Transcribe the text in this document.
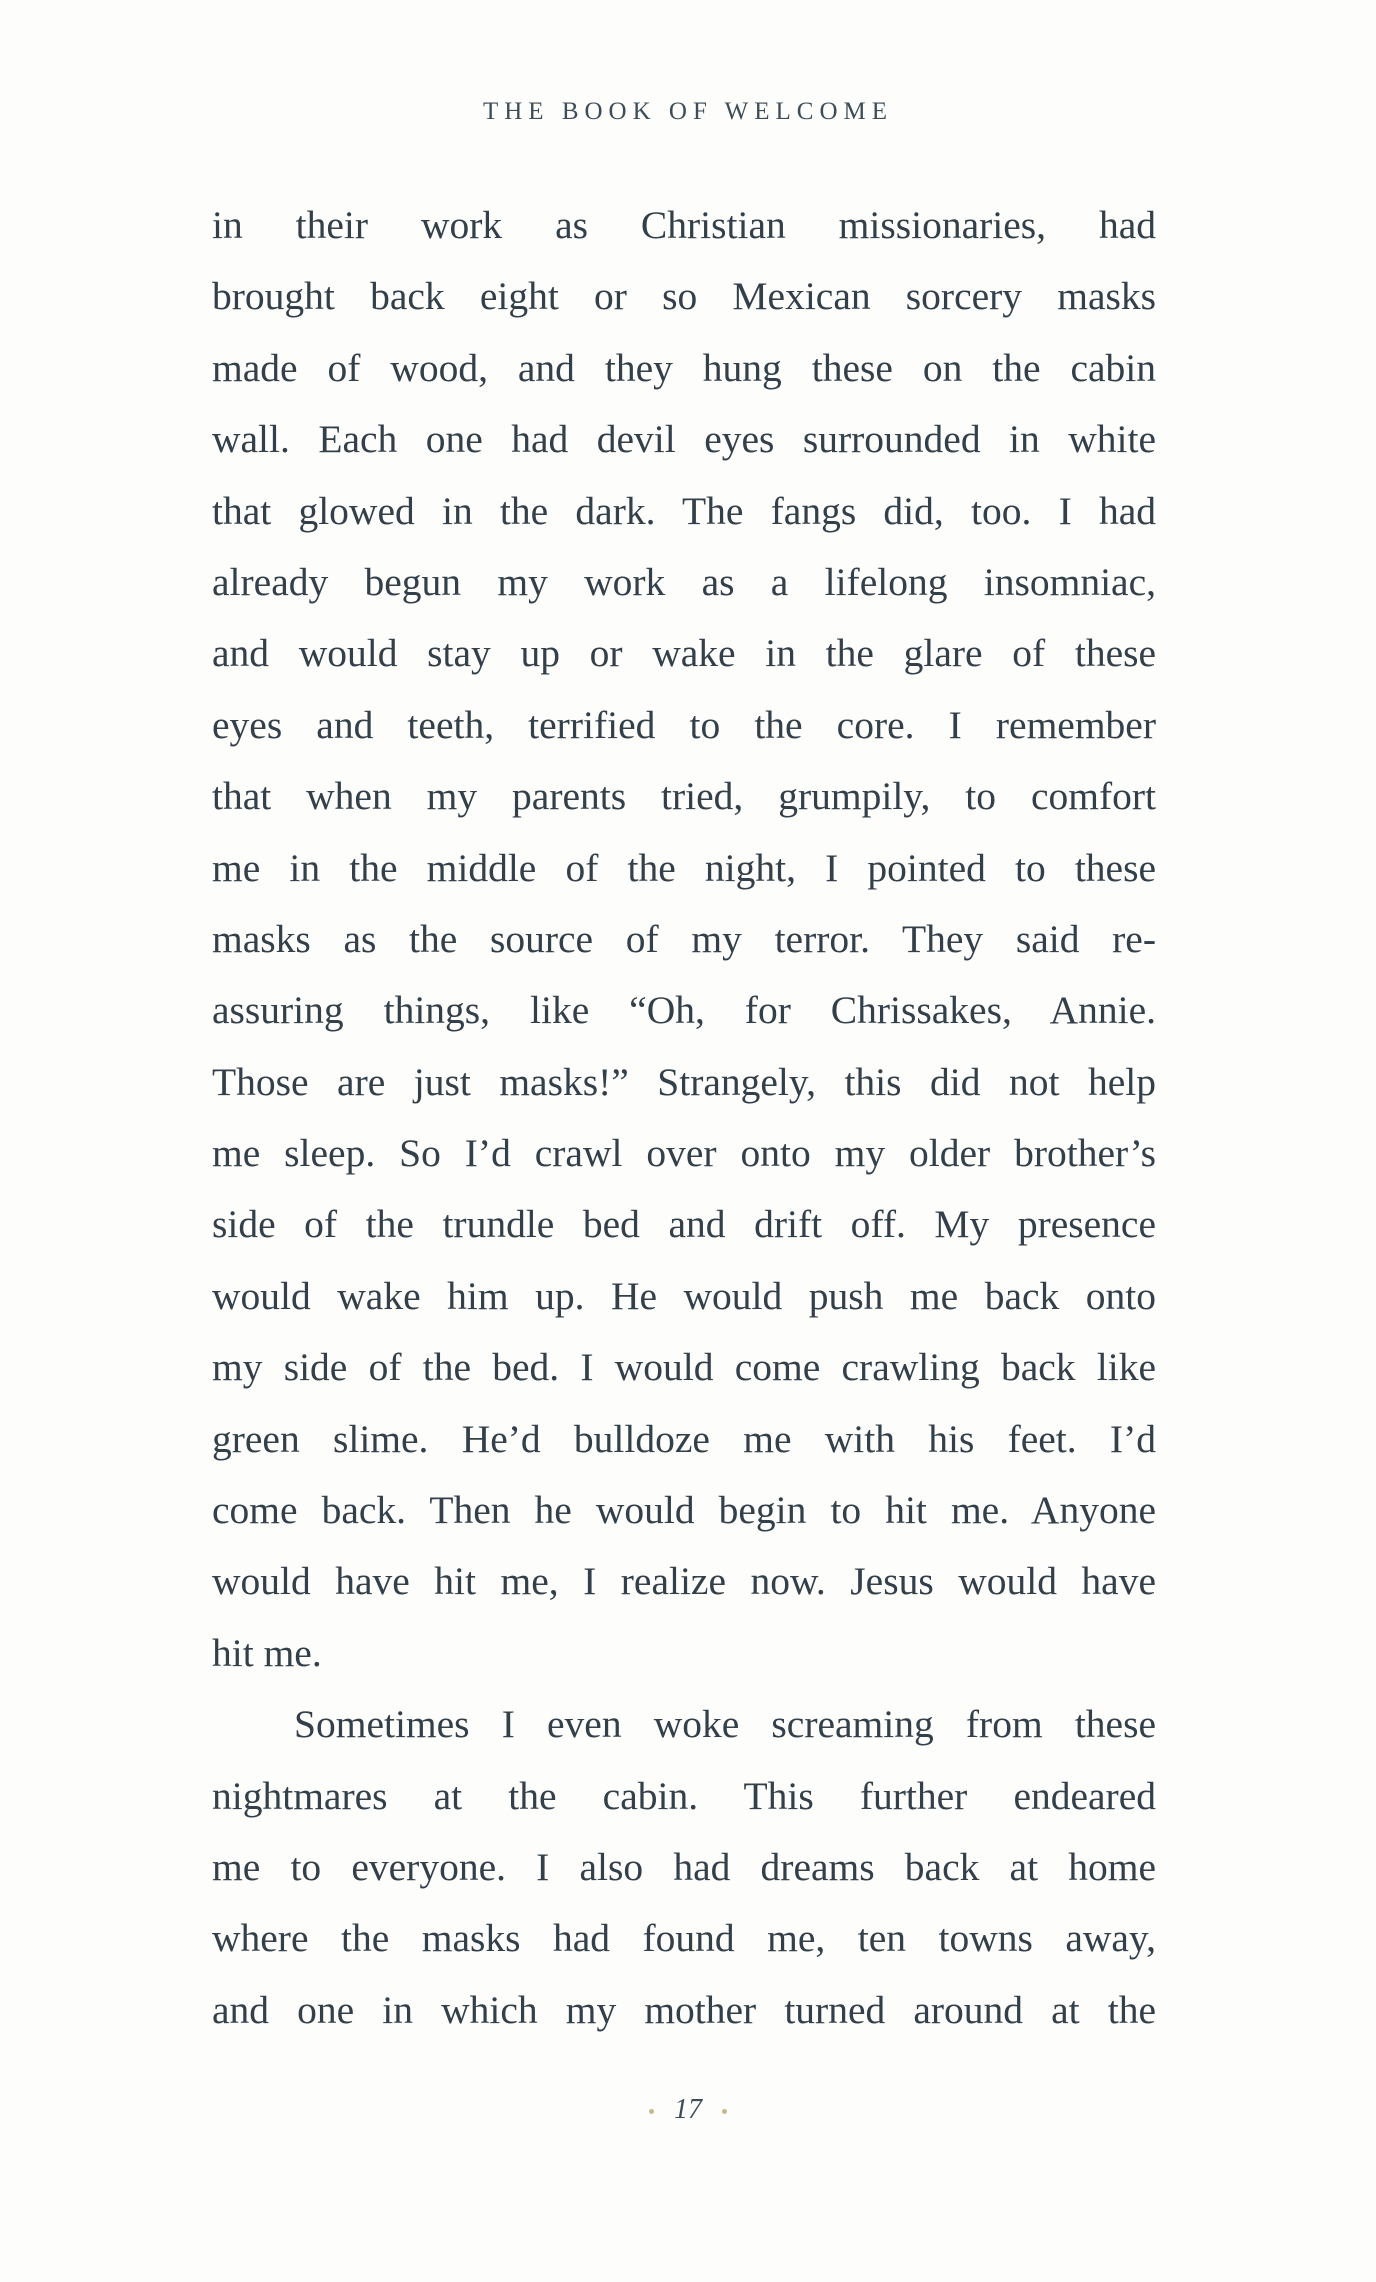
THE BOOK OF WELCOME
in their work as Christian missionaries, had
brought back eight or so Mexican sorcery masks
made of wood, and they hung these on the cabin
wall. Each one had devil eyes surrounded in white
that glowed in the dark. The fangs did, too. I had
already begun my work as a lifelong insomniac,
and would stay up or wake in the glare of these
eyes and teeth, terrified to the core. I remember
that when my parents tried, grumpily, to comfort
me in the middle of the night, I pointed to these
masks as the source of my terror. They said re-
assuring things, like “Oh, for Chrissakes, Annie.
Those are just masks!” Strangely, this did not help
me sleep. So I’d crawl over onto my older brother’s
side of the trundle bed and drift off. My presence
would wake him up. He would push me back onto
my side of the bed. I would come crawling back like
green slime. He’d bulldoze me with his feet. I’d
come back. Then he would begin to hit me. Anyone
would have hit me, I realize now. Jesus would have
hit me.
Sometimes I even woke screaming from these
nightmares at the cabin. This further endeared
me to everyone. I also had dreams back at home
where the masks had found me, ten towns away,
and one in which my mother turned around at the
17
